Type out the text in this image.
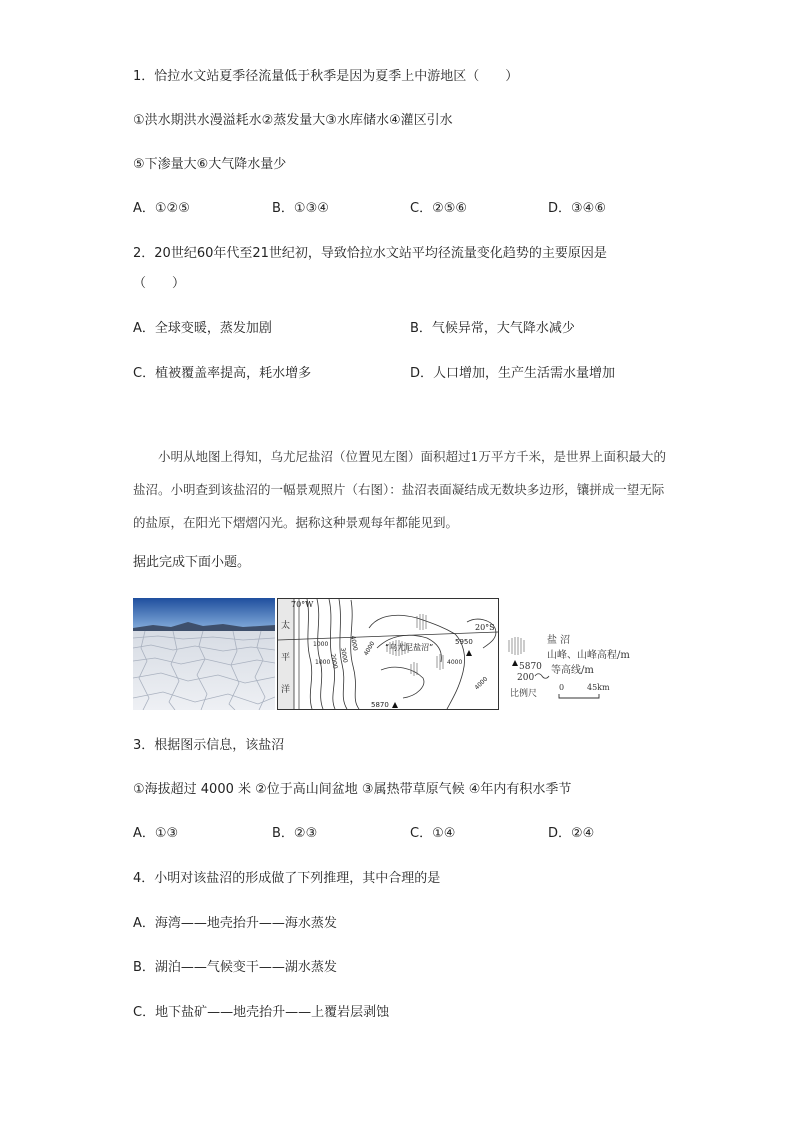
1．恰拉水文站夏季径流量低于秋季是因为夏季上中游地区（　　）
①洪水期洪水漫溢耗水②蒸发量大③水库储水④灌区引水
⑤下渗量大⑥大气降水量少
A．①②⑤	B．①③④	C．②⑤⑥	D．③④⑥
2．20世纪60年代至21世纪初，导致恰拉水文站平均径流量变化趋势的主要原因是
（　　）
A．全球变暖，蒸发加剧	B．气候异常，大气降水减少
C．植被覆盖率提高，耗水增多	D．人口增加，生产生活需水量增加

小明从地图上得知，乌尤尼盐沼（位置见左图）面积超过1万平方千米，是世界上面积最大的盐沼。小明查到该盐沼的一幅景观照片（右图）：盐沼表面凝结成无数块多边形，镶拼成一望无际的盐原，在阳光下熠熠闪光。据称这种景观每年都能见到。

据此完成下面小题。
70°W
20°S
太
平
洋
“乌尤尼盐沼”
1000
1000
2000 3000
4000 4000
4000
4000
5950
5870
盐 沼
5870
山峰、山峰高程/m
200
等高线/m
比例尺
0	45km
3．根据图示信息，该盐沼
①海拔超过 4000 米 ②位于高山间盆地 ③属热带草原气候 ④年内有积水季节
A．①③	B．②③	C．①④	D．②④
4．小明对该盐沼的形成做了下列推理，其中合理的是
A．海湾——地壳抬升——海水蒸发
B．湖泊——气候变干——湖水蒸发
C．地下盐矿——地壳抬升——上覆岩层剥蚀
